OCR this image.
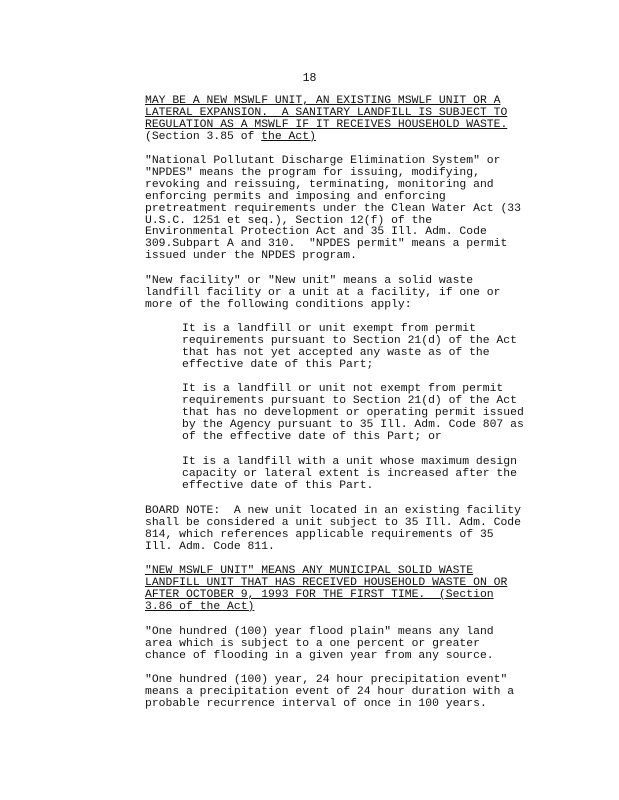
18
MAY BE A NEW MSWLF UNIT, AN EXISTING MSWLF UNIT OR A
LATERAL EXPANSION.  A SANITARY LANDFILL IS SUBJECT TO
REGULATION AS A MSWLF IF IT RECEIVES HOUSEHOLD WASTE.
(Section 3.85 of the Act)
"National Pollutant Discharge Elimination System" or
"NPDES" means the program for issuing, modifying,
revoking and reissuing, terminating, monitoring and
enforcing permits and imposing and enforcing
pretreatment requirements under the Clean Water Act (33
U.S.C. 1251 et seq.), Section 12(f) of the
Environmental Protection Act and 35 Ill. Adm. Code
309.Subpart A and 310.  "NPDES permit" means a permit
issued under the NPDES program.
"New facility" or "New unit" means a solid waste
landfill facility or a unit at a facility, if one or
more of the following conditions apply:
It is a landfill or unit exempt from permit
requirements pursuant to Section 21(d) of the Act
that has not yet accepted any waste as of the
effective date of this Part;
It is a landfill or unit not exempt from permit
requirements pursuant to Section 21(d) of the Act
that has no development or operating permit issued
by the Agency pursuant to 35 Ill. Adm. Code 807 as
of the effective date of this Part; or
It is a landfill with a unit whose maximum design
capacity or lateral extent is increased after the
effective date of this Part.
BOARD NOTE:  A new unit located in an existing facility
shall be considered a unit subject to 35 Ill. Adm. Code
814, which references applicable requirements of 35
Ill. Adm. Code 811.
"NEW MSWLF UNIT" MEANS ANY MUNICIPAL SOLID WASTE
LANDFILL UNIT THAT HAS RECEIVED HOUSEHOLD WASTE ON OR
AFTER OCTOBER 9, 1993 FOR THE FIRST TIME.  (Section
3.86 of the Act)
"One hundred (100) year flood plain" means any land
area which is subject to a one percent or greater
chance of flooding in a given year from any source.
"One hundred (100) year, 24 hour precipitation event"
means a precipitation event of 24 hour duration with a
probable recurrence interval of once in 100 years.
